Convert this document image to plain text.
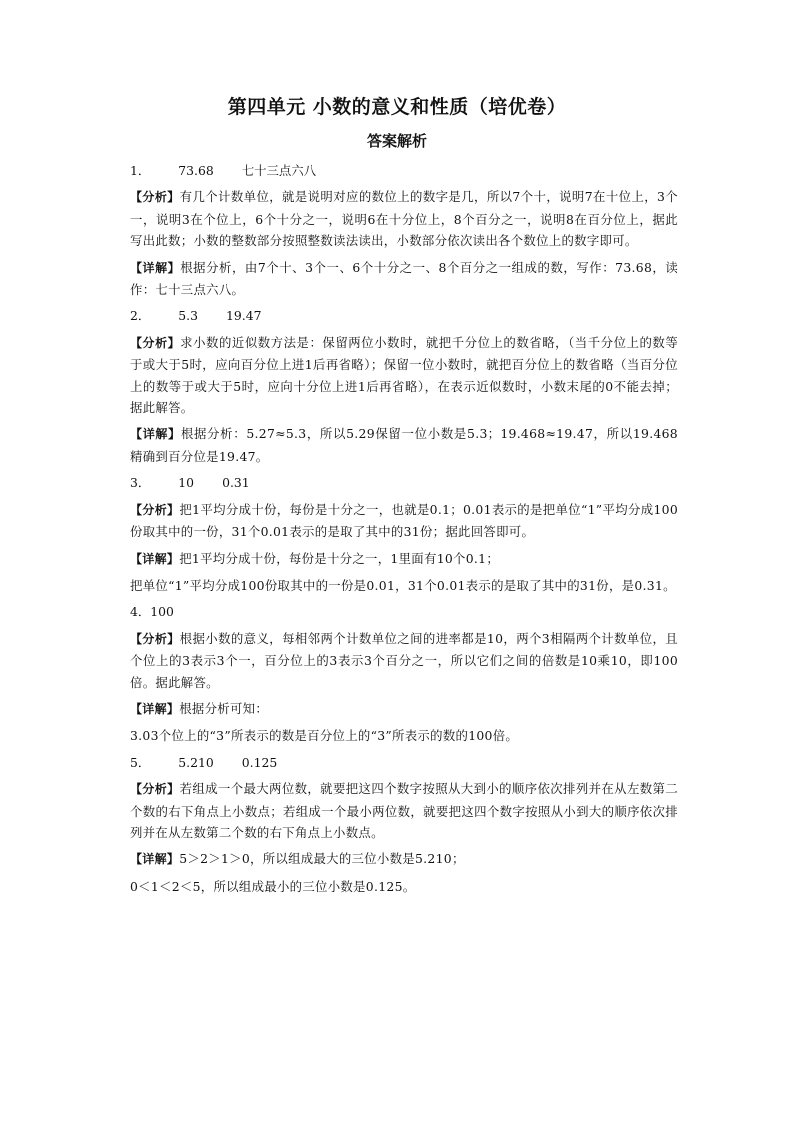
第四单元 小数的意义和性质（培优卷）
答案解析
1． 73.68 七十三点六八
【分析】有几个计数单位，就是说明对应的数位上的数字是几，所以7个十，说明7在十位上，3个一，说明3在个位上，6个十分之一，说明6在十分位上，8个百分之一，说明8在百分位上，据此写出此数；小数的整数部分按照整数读法读出，小数部分依次读出各个数位上的数字即可。
【详解】根据分析，由7个十、3个一、6个十分之一、8个百分之一组成的数，写作：73.68，读作：七十三点六八。
2． 5.3 19.47
【分析】求小数的近似数方法是：保留两位小数时，就把千分位上的数省略，（当千分位上的数等于或大于5时，应向百分位上进1后再省略）；保留一位小数时，就把百分位上的数省略（当百分位上的数等于或大于5时，应向十分位上进1后再省略），在表示近似数时，小数末尾的0不能去掉；据此解答。
【详解】根据分析：5.27≈5.3，所以5.29保留一位小数是5.3；19.468≈19.47，所以19.468精确到百分位是19.47。
3． 10 0.31
【分析】把1平均分成十份，每份是十分之一，也就是0.1；0.01表示的是把单位“1”平均分成100份取其中的一份，31个0.01表示的是取了其中的31份；据此回答即可。
【详解】把1平均分成十份，每份是十分之一，1里面有10个0.1；
把单位“1”平均分成100份取其中的一份是0.01，31个0.01表示的是取了其中的31份，是0.31。
4．100
【分析】根据小数的意义，每相邻两个计数单位之间的进率都是10，两个3相隔两个计数单位，且个位上的3表示3个一，百分位上的3表示3个百分之一，所以它们之间的倍数是10乘10，即100倍。据此解答。
【详解】根据分析可知：
3.03个位上的“3”所表示的数是百分位上的“3”所表示的数的100倍。
5． 5.210 0.125
【分析】若组成一个最大两位数，就要把这四个数字按照从大到小的顺序依次排列并在从左数第二个数的右下角点上小数点；若组成一个最小两位数，就要把这四个数字按照从小到大的顺序依次排列并在从左数第二个数的右下角点上小数点。
【详解】5＞2＞1＞0，所以组成最大的三位小数是5.210；
0＜1＜2＜5，所以组成最小的三位小数是0.125。
